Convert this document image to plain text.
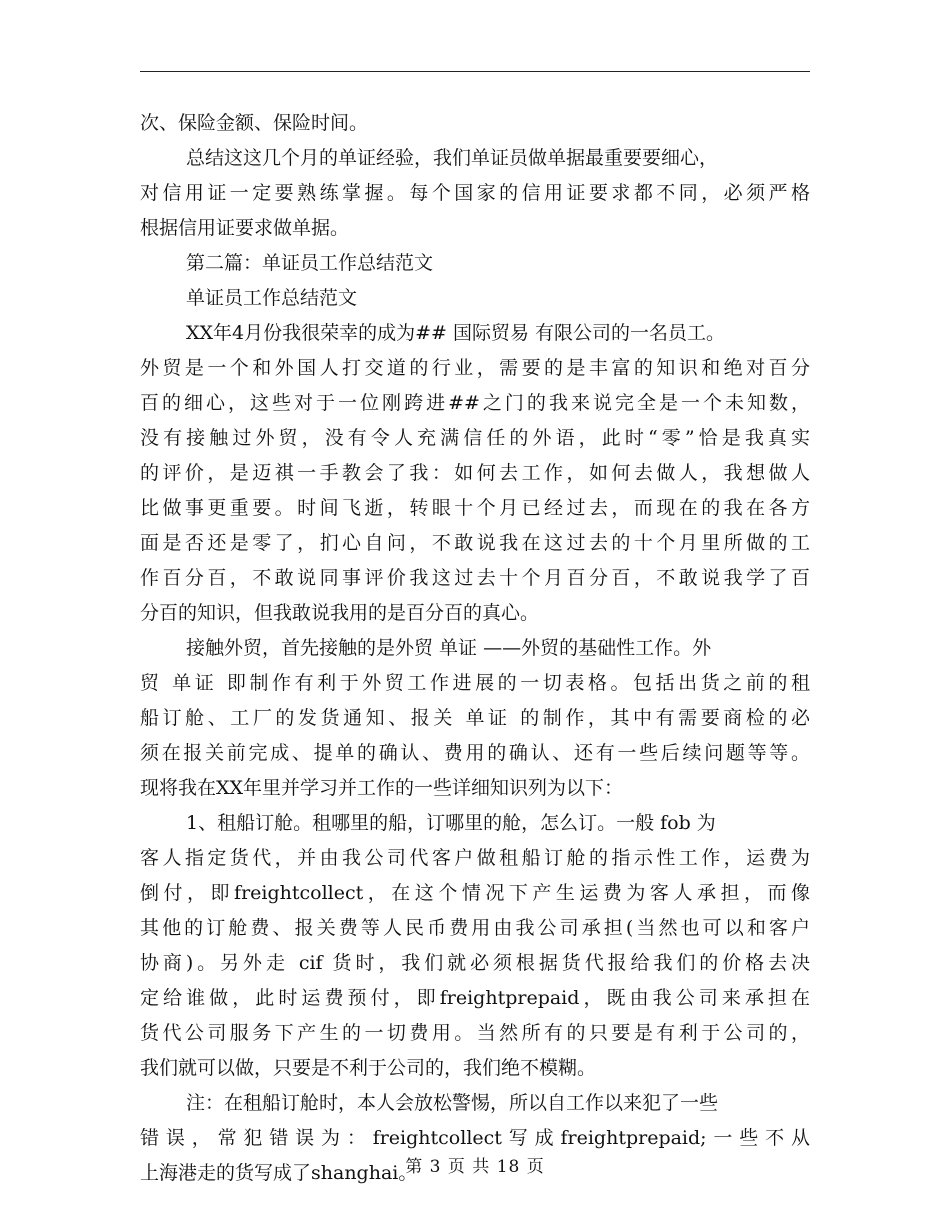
次、保险金额、保险时间。
总结这这几个月的单证经验，我们单证员做单据最重要要细心，
对信用证一定要熟练掌握。每个国家的信用证要求都不同，必须严格
根据信用证要求做单据。
第二篇：单证员工作总结范文
单证员工作总结范文
XX年4月份我很荣幸的成为## 国际贸易 有限公司的一名员工。
外贸是一个和外国人打交道的行业，需要的是丰富的知识和绝对百分
百的细心，这些对于一位刚跨进##之门的我来说完全是一个未知数，
没有接触过外贸，没有令人充满信任的外语，此时“零”恰是我真实
的评价，是迈祺一手教会了我：如何去工作，如何去做人，我想做人
比做事更重要。时间飞逝，转眼十个月已经过去，而现在的我在各方
面是否还是零了，扪心自问，不敢说我在这过去的十个月里所做的工
作百分百，不敢说同事评价我这过去十个月百分百，不敢说我学了百
分百的知识，但我敢说我用的是百分百的真心。
接触外贸，首先接触的是外贸 单证 ——外贸的基础性工作。外
贸 单证 即制作有利于外贸工作进展的一切表格。包括出货之前的租
船订舱、工厂的发货通知、报关 单证 的制作，其中有需要商检的必
须在报关前完成、提单的确认、费用的确认、还有一些后续问题等等。
现将我在XX年里并学习并工作的一些详细知识列为以下：
1、租船订舱。租哪里的船，订哪里的舱，怎么订。一般 fob 为
客人指定货代，并由我公司代客户做租船订舱的指示性工作，运费为
倒付，即freightcollect，在这个情况下产生运费为客人承担，而像
其他的订舱费、报关费等人民币费用由我公司承担(当然也可以和客户
协商)。另外走 cif 货时，我们就必须根据货代报给我们的价格去决
定给谁做，此时运费预付，即freightprepaid，既由我公司来承担在
货代公司服务下产生的一切费用。当然所有的只要是有利于公司的，
我们就可以做，只要是不利于公司的，我们绝不模糊。
注：在租船订舱时，本人会放松警惕，所以自工作以来犯了一些
错误，常犯错误为：freightcollect写成freightprepaid;一些不从
上海港走的货写成了shanghai。
第 3 页 共 18 页
